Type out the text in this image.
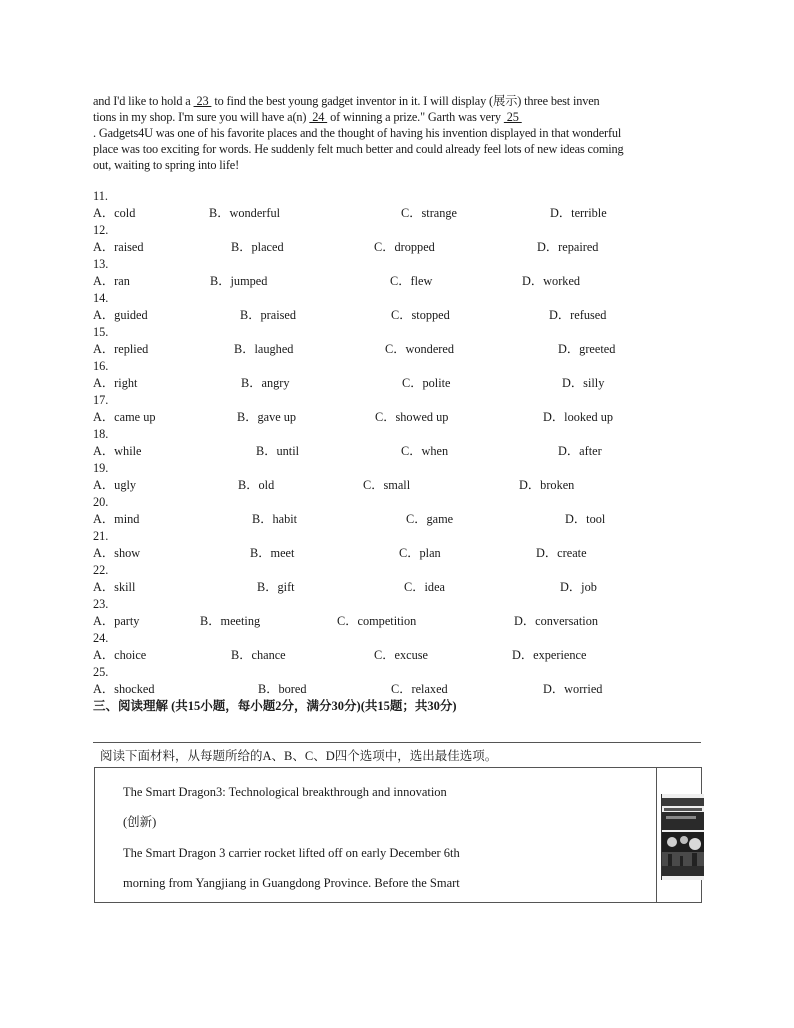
and I'd like to hold a  23  to find the best young gadget inventor in it. I will display (展示) three best inven
tions in my shop. I'm sure you will have a(n)  24  of winning a prize." Garth was very  25
. Gadgets4U was one of his favorite places and the thought of having his invention displayed in that wonderful
place was too exciting for words. He suddenly felt much better and could already feel lots of new ideas coming
out, waiting to spring into life!
11.
A．cold	B．wonderful	C．strange	D．terrible
12.
A．raised	B．placed	C．dropped	D．repaired
13.
A．ran	B．jumped	C．flew	D．worked
14.
A．guided	B．praised	C．stopped	D．refused
15.
A．replied	B．laughed	C．wondered	D．greeted
16.
A．right	B．angry	C．polite	D．silly
17.
A．came up	B．gave up	C．showed up	D．looked up
18.
A．while	B．until	C．when	D．after
19.
A．ugly	B．old	C．small	D．broken
20.
A．mind	B．habit	C．game	D．tool
21.
A．show	B．meet	C．plan	D．create
22.
A．skill	B．gift	C．idea	D．job
23.
A．party	B．meeting	C．competition	D．conversation
24.
A．choice	B．chance	C．excuse	D．experience
25.
A．shocked	B．bored	C．relaxed	D．worried
三、阅读理解 (共15小题，每小题2分，满分30分)(共15题；共30分)
阅读下面材料，从每题所给的A、B、C、D四个选项中，选出最佳选项。
The Smart Dragon3: Technological breakthrough and innovation
(创新)
The Smart Dragon 3 carrier rocket lifted off on early December 6th
morning from Yangjiang in Guangdong Province. Before the Smart
